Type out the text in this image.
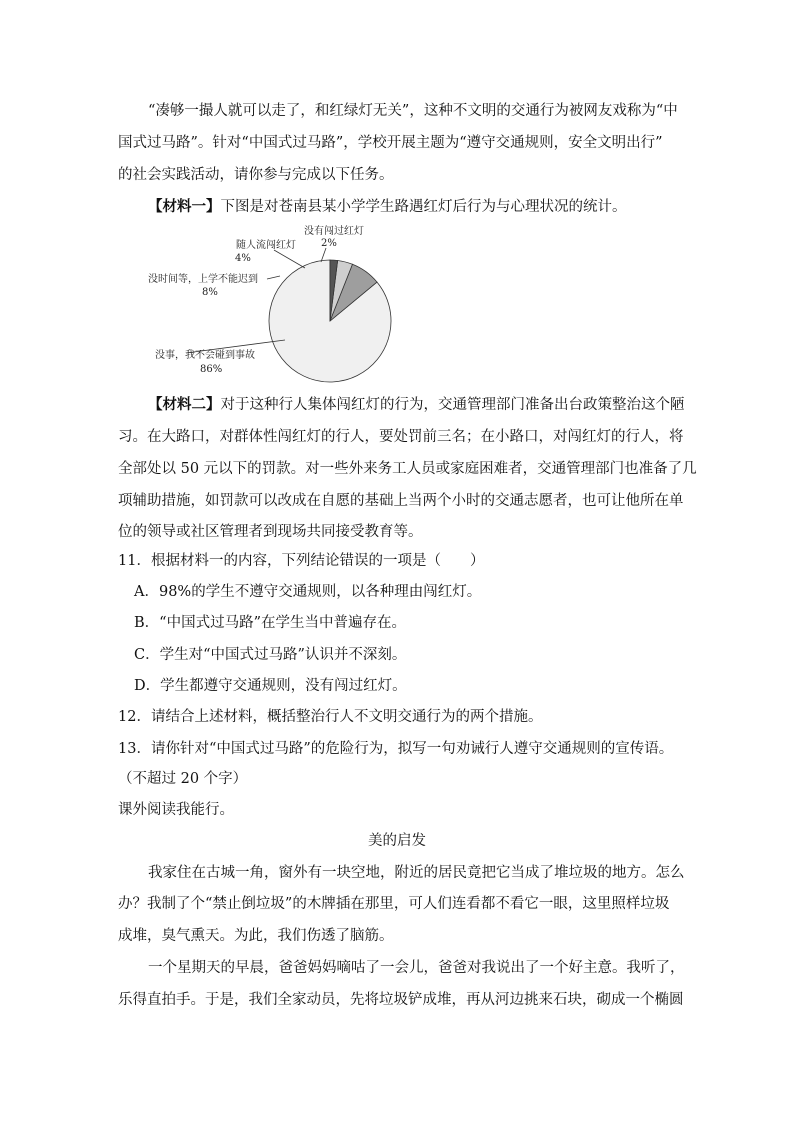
“凑够一撮人就可以走了，和红绿灯无关”，这种不文明的交通行为被网友戏称为“中
国式过马路”。针对“中国式过马路”，学校开展主题为“遵守交通规则，安全文明出行”
的社会实践活动，请你参与完成以下任务。
【材料一】下图是对苍南县某小学学生路遇红灯后行为与心理状况的统计。
没有闯过红灯
2%
随人流闯红灯
4%
没时间等，上学不能迟到
8%
没事，我不会碰到事故
86%
【材料二】对于这种行人集体闯红灯的行为，交通管理部门准备出台政策整治这个陋
习。在大路口，对群体性闯红灯的行人，要处罚前三名；在小路口，对闯红灯的行人，将
全部处以 50 元以下的罚款。对一些外来务工人员或家庭困难者，交通管理部门也准备了几
项辅助措施，如罚款可以改成在自愿的基础上当两个小时的交通志愿者，也可让他所在单
位的领导或社区管理者到现场共同接受教育等。
11．根据材料一的内容，下列结论错误的一项是（　　）
A．98%的学生不遵守交通规则，以各种理由闯红灯。
B．“中国式过马路”在学生当中普遍存在。
C．学生对“中国式过马路”认识并不深刻。
D．学生都遵守交通规则，没有闯过红灯。
12．请结合上述材料，概括整治行人不文明交通行为的两个措施。
13．请你针对“中国式过马路”的危险行为，拟写一句劝诫行人遵守交通规则的宣传语。
（不超过 20 个字）
课外阅读我能行。
美的启发
我家住在古城一角，窗外有一块空地，附近的居民竟把它当成了堆垃圾的地方。怎么
办？我制了个“禁止倒垃圾”的木牌插在那里，可人们连看都不看它一眼，这里照样垃圾
成堆，臭气熏天。为此，我们伤透了脑筋。
一个星期天的早晨，爸爸妈妈嘀咕了一会儿，爸爸对我说出了一个好主意。我听了，
乐得直拍手。于是，我们全家动员，先将垃圾铲成堆，再从河边挑来石块，砌成一个椭圆
